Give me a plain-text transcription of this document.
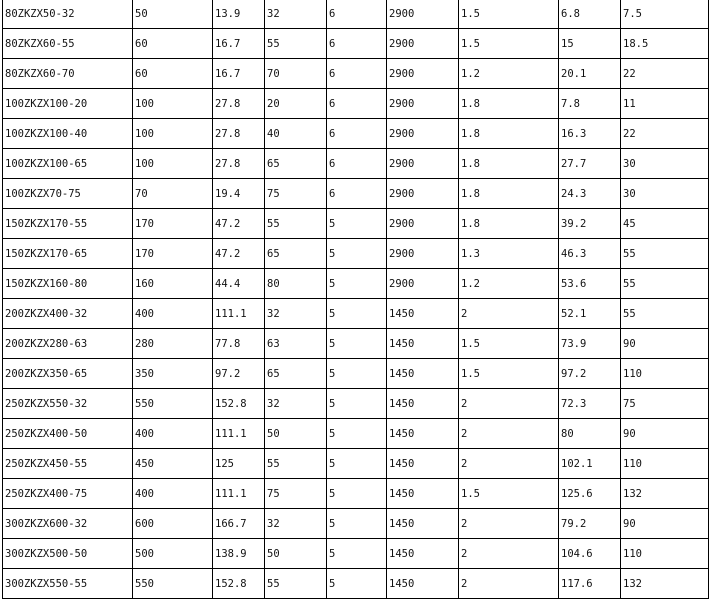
80ZKZX50-32	50	13.9	32	6	2900	1.5	6.8	7.5
80ZKZX60-55	60	16.7	55	6	2900	1.5	15	18.5
80ZKZX60-70	60	16.7	70	6	2900	1.2	20.1	22
100ZKZX100-20	100	27.8	20	6	2900	1.8	7.8	11
100ZKZX100-40	100	27.8	40	6	2900	1.8	16.3	22
100ZKZX100-65	100	27.8	65	6	2900	1.8	27.7	30
100ZKZX70-75	70	19.4	75	6	2900	1.8	24.3	30
150ZKZX170-55	170	47.2	55	5	2900	1.8	39.2	45
150ZKZX170-65	170	47.2	65	5	2900	1.3	46.3	55
150ZKZX160-80	160	44.4	80	5	2900	1.2	53.6	55
200ZKZX400-32	400	111.1	32	5	1450	2	52.1	55
200ZKZX280-63	280	77.8	63	5	1450	1.5	73.9	90
200ZKZX350-65	350	97.2	65	5	1450	1.5	97.2	110
250ZKZX550-32	550	152.8	32	5	1450	2	72.3	75
250ZKZX400-50	400	111.1	50	5	1450	2	80	90
250ZKZX450-55	450	125	55	5	1450	2	102.1	110
250ZKZX400-75	400	111.1	75	5	1450	1.5	125.6	132
300ZKZX600-32	600	166.7	32	5	1450	2	79.2	90
300ZKZX500-50	500	138.9	50	5	1450	2	104.6	110
300ZKZX550-55	550	152.8	55	5	1450	2	117.6	132
